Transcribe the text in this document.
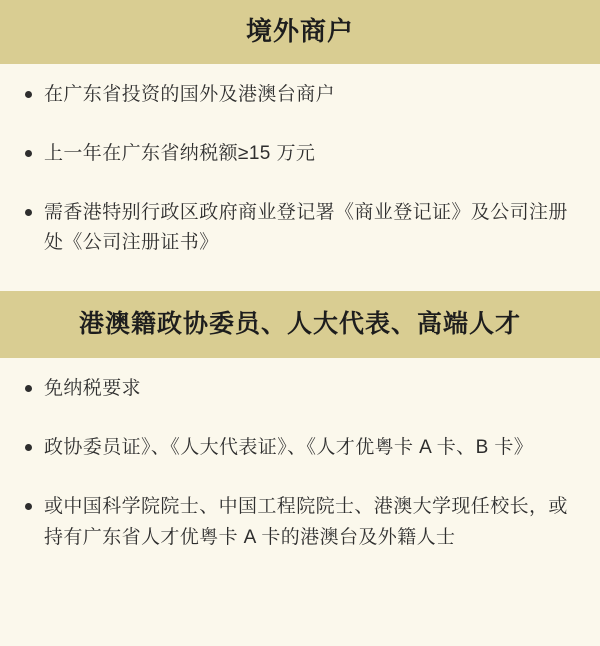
境外商户
在广东省投资的国外及港澳台商户
上一年在广东省纳税额≥15 万元
需香港特别行政区政府商业登记署《商业登记证》及公司注册处《公司注册证书》
港澳籍政协委员、人大代表、高端人才
免纳税要求
政协委员证》、《人大代表证》、《人才优粤卡 A 卡、B 卡》
或中国科学院院士、中国工程院院士、港澳大学现任校长，或持有广东省人才优粤卡 A 卡的港澳台及外籍人士
